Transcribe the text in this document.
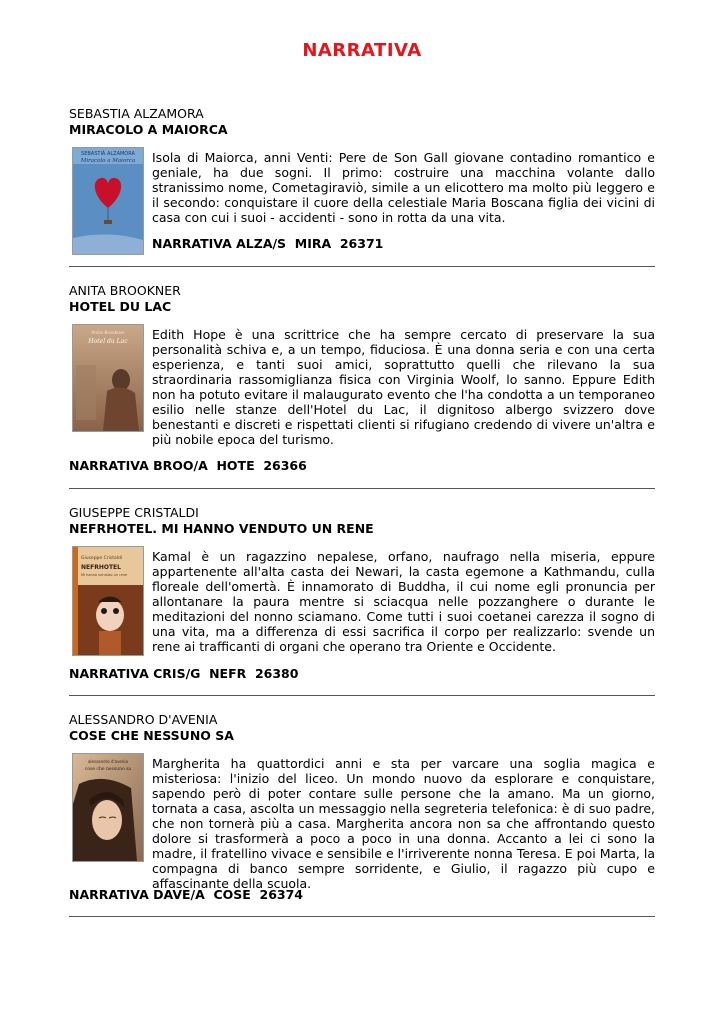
NARRATIVA
SEBASTIA ALZAMORA
MIRACOLO A MAIORCA
SEBASTIÀ ALZAMORA
Miracolo a Maiorca Isola di Maiorca, anni Venti: Pere de Son Gall giovane contadino romantico e geniale, ha due sogni. Il primo: costruire una macchina volante dallo stranissimo nome, Cometagiraviò, simile a un elicottero ma molto più leggero e il secondo: conquistare il cuore della celestiale Maria Boscana figlia dei vicini di casa con cui i suoi - accidenti - sono in rotta da una vita.
NARRATIVA ALZA/S  MIRA  26371
ANITA BROOKNER
HOTEL DU LAC
Anita Brookner
Hotel du Lac Edith Hope è una scrittrice che ha sempre cercato di preservare la sua personalità schiva e, a un tempo, fiduciosa. È una donna seria e con una certa esperienza, e tanti suoi amici, soprattutto quelli che rilevano la sua straordinaria rassomiglianza fisica con Virginia Woolf, lo sanno. Eppure Edith non ha potuto evitare il malaugurato evento che l'ha condotta a un temporaneo esilio nelle stanze dell'Hotel du Lac, il dignitoso albergo svizzero dove benestanti e discreti e rispettati clienti si rifugiano credendo di vivere un'altra e più nobile epoca del turismo.
NARRATIVA BROO/A  HOTE  26366
GIUSEPPE CRISTALDI
NEFRHOTEL. MI HANNO VENDUTO UN RENE
Giuseppe Cristaldi
NEFRHOTEL
Mi hanno venduto un rene
Kamal è un ragazzino nepalese, orfano, naufrago nella miseria, eppure appartenente all'alta casta dei Newari, la casta egemone a Kathmandu, culla floreale dell'omertà. È innamorato di Buddha, il cui nome egli pronuncia per allontanare la paura mentre si sciacqua nelle pozzanghere o durante le meditazioni del nonno sciamano. Come tutti i suoi coetanei carezza il sogno di una vita, ma a differenza di essi sacrifica il corpo per realizzarlo: svende un rene ai trafficanti di organi che operano tra Oriente e Occidente.
NARRATIVA CRIS/G  NEFR  26380
ALESSANDRO D'AVENIA
COSE CHE NESSUNO SA
alessandro d'avenia
cose che nessuno sa Margherita ha quattordici anni e sta per varcare una soglia magica e misteriosa: l'inizio del liceo. Un mondo nuovo da esplorare e conquistare, sapendo però di poter contare sulle persone che la amano. Ma un giorno, tornata a casa, ascolta un messaggio nella segreteria telefonica: è di suo padre, che non tornerà più a casa. Margherita ancora non sa che affrontando questo dolore si trasformerà a poco a poco in una donna. Accanto a lei ci sono la madre, il fratellino vivace e sensibile e l'irriverente nonna Teresa. E poi Marta, la compagna di banco sempre sorridente, e Giulio, il ragazzo più cupo e affascinante della scuola.
NARRATIVA DAVE/A  COSE  26374
